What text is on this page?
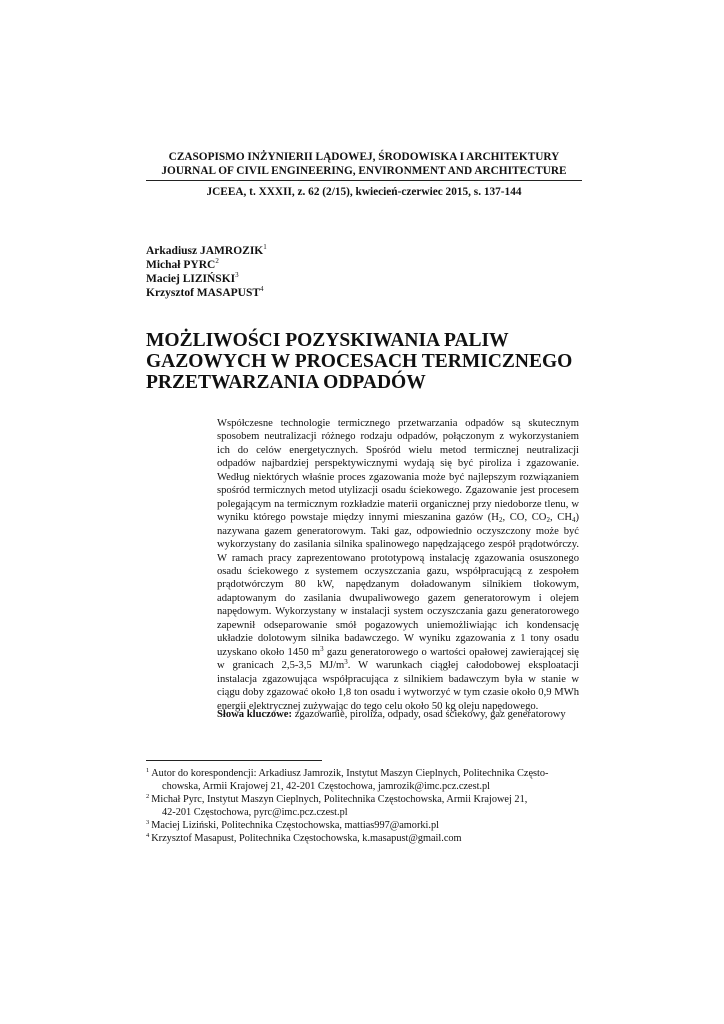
CZASOPISMO INŻYNIERII LĄDOWEJ, ŚRODOWISKA I ARCHITEKTURY
JOURNAL OF CIVIL ENGINEERING, ENVIRONMENT AND ARCHITECTURE
JCEEA, t. XXXII, z. 62 (2/15), kwiecień-czerwiec 2015, s. 137-144
Arkadiusz JAMROZIK$^1$
Michał PYRC$^2$
Maciej LIZIŃSKI$^3$
Krzysztof MASAPUST$^4$
MOŻLIWOŚCI POZYSKIWANIA PALIW
GAZOWYCH W PROCESACH TERMICZNEGO
PRZETWARZANIA ODPADÓW

Współczesne technologie termicznego przetwarzania odpadów są skutecznym sposobem neutralizacji różnego rodzaju odpadów, połączonym z wykorzystaniem ich do celów energetycznych. Spośród wielu metod termicznej neutralizacji odpadów najbardziej perspektywicznymi wydają się być piroliza i zgazowanie. Według niektórych właśnie proces zgazowania może być najlepszym rozwiązaniem spośród termicznych metod utylizacji osadu ściekowego. Zgazowanie jest procesem polegającym na termicznym rozkładzie materii organicznej przy niedoborze tlenu, w wyniku którego powstaje między innymi mieszanina gazów ($H_2$, CO, $CO_2$, $CH_4$) nazywana gazem generatorowym. Taki gaz, odpowiednio oczyszczony może być wykorzystany do zasilania silnika spalinowego napędzającego zespół prądotwórczy. W ramach pracy zaprezentowano prototypową instalację zgazowania osuszonego osadu ściekowego z systemem oczyszczania gazu, współpracującą z zespołem prądotwórczym 80 kW, napędzanym doładowanym silnikiem tłokowym, adaptowanym do zasilania dwupaliwowego gazem generatorowym i olejem napędowym. Wykorzystany w instalacji system oczyszczania gazu generatorowego zapewnił odseparowanie smół pogazowych uniemożliwiając ich kondensację układzie dolotowym silnika badawczego. W wyniku zgazowania z 1 tony osadu uzyskano około 1450 $m^3$ gazu generatorowego o wartości opałowej zawierającej się w granicach 2,5-3,5 $MJ/m^3$. W warunkach ciągłej całodobowej eksploatacji instalacja zgazowująca współpracująca z silnikiem badawczym była w stanie w ciągu doby zgazować około 1,8 ton osadu i wytworzyć w tym czasie około 0,9 MWh energii elektrycznej zużywając do tego celu około 50 kg oleju napędowego.

Słowa kluczowe: zgazowanie, piroliza, odpady, osad ściekowy, gaz generatorowy

$^1$ Autor do korespondencji: Arkadiusz Jamrozik, Instytut Maszyn Cieplnych, Politechnika Często-
chowska, Armii Krajowej 21, 42-201 Częstochowa, jamrozik@imc.pcz.czest.pl

$^2$ Michał Pyrc, Instytut Maszyn Cieplnych, Politechnika Częstochowska, Armii Krajowej 21,
42-201 Częstochowa, pyrc@imc.pcz.czest.pl

$^3$ Maciej Liziński, Politechnika Częstochowska, mattias997@amorki.pl

$^4$ Krzysztof Masapust, Politechnika Częstochowska, k.masapust@gmail.com
